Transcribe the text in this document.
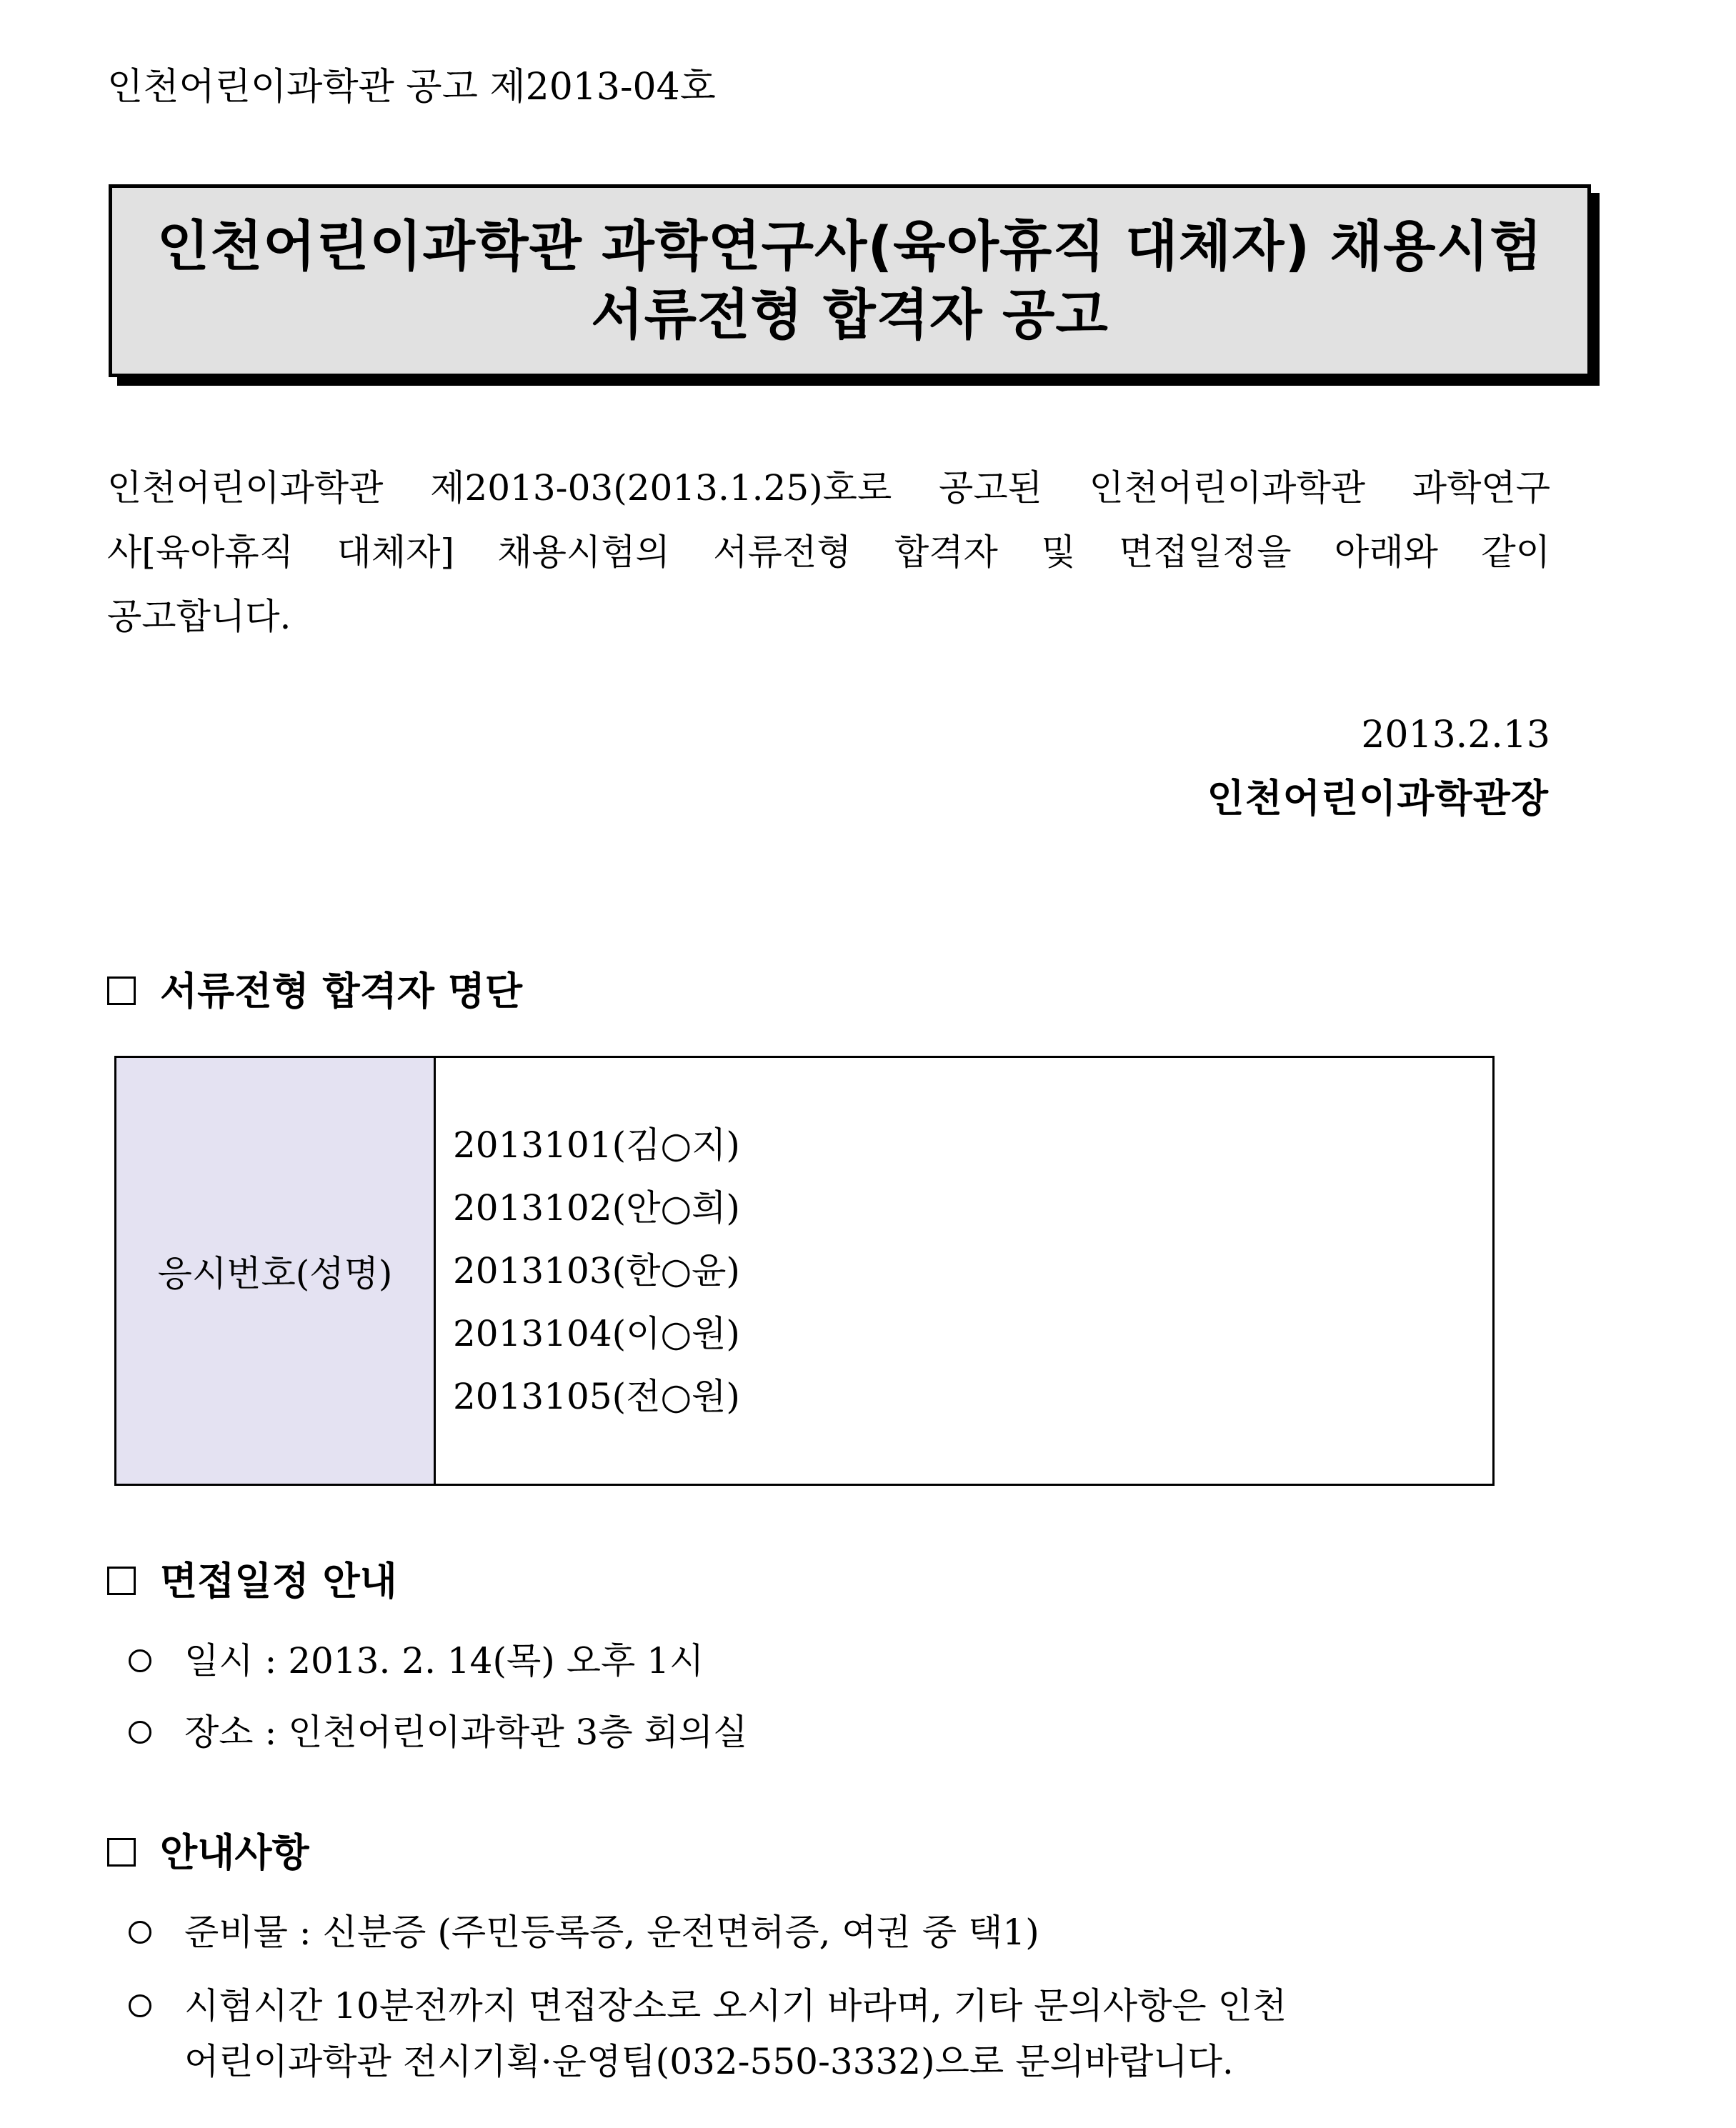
인천어린이과학관 공고 제2013-04호
인천어린이과학관 과학연구사(육아휴직 대체자) 채용시험
서류전형 합격자 공고
인천어린이과학관 제2013-03(2013.1.25)호로 공고된 인천어린이과학관 과학연구
사[육아휴직 대체자] 채용시험의 서류전형 합격자 및 면접일정을 아래와 같이
공고합니다.
2013.2.13
인천어린이과학관장
서류전형 합격자 명단
응시번호(성명)
2013101(김○지)
2013102(안○희)
2013103(한○윤)
2013104(이○원)
2013105(전○원)
면접일정 안내
일시 : 2013. 2. 14(목) 오후 1시
장소 : 인천어린이과학관 3층 회의실
안내사항
준비물 : 신분증 (주민등록증, 운전면허증, 여권 중 택1)
시험시간 10분전까지 면접장소로 오시기 바라며, 기타 문의사항은 인천
어린이과학관 전시기획·운영팀(032-550-3332)으로 문의바랍니다.
